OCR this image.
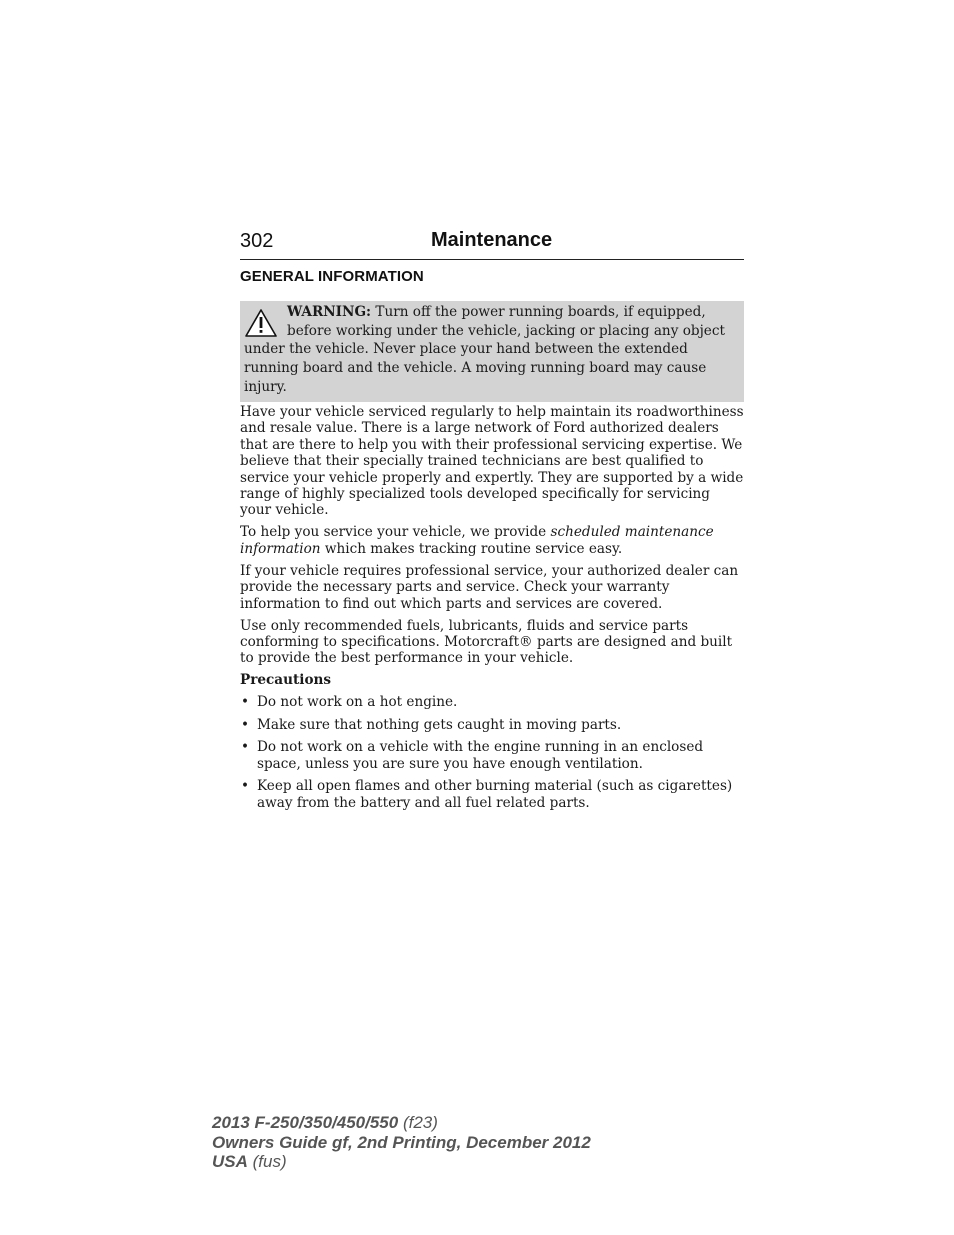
302	Maintenance
GENERAL INFORMATION
WARNING: Turn off the power running boards, if equipped,
before working under the vehicle, jacking or placing any object
under the vehicle. Never place your hand between the extended
running board and the vehicle. A moving running board may cause
injury.

Have your vehicle serviced regularly to help maintain its roadworthiness and resale value. There is a large network of Ford authorized dealers that are there to help you with their professional servicing expertise. We believe that their specially trained technicians are best qualified to service your vehicle properly and expertly. They are supported by a wide range of highly specialized tools developed specifically for servicing your vehicle.

To help you service your vehicle, we provide scheduled maintenance information which makes tracking routine service easy.

If your vehicle requires professional service, your authorized dealer can provide the necessary parts and service. Check your warranty information to find out which parts and services are covered.

Use only recommended fuels, lubricants, fluids and service parts conforming to specifications. Motorcraft® parts are designed and built to provide the best performance in your vehicle.

Precautions

• Do not work on a hot engine.
• Make sure that nothing gets caught in moving parts.
• Do not work on a vehicle with the engine running in an enclosed space, unless you are sure you have enough ventilation.
• Keep all open flames and other burning material (such as cigarettes) away from the battery and all fuel related parts.
2013 F-250/350/450/550 (f23)
Owners Guide gf, 2nd Printing, December 2012
USA (fus)
